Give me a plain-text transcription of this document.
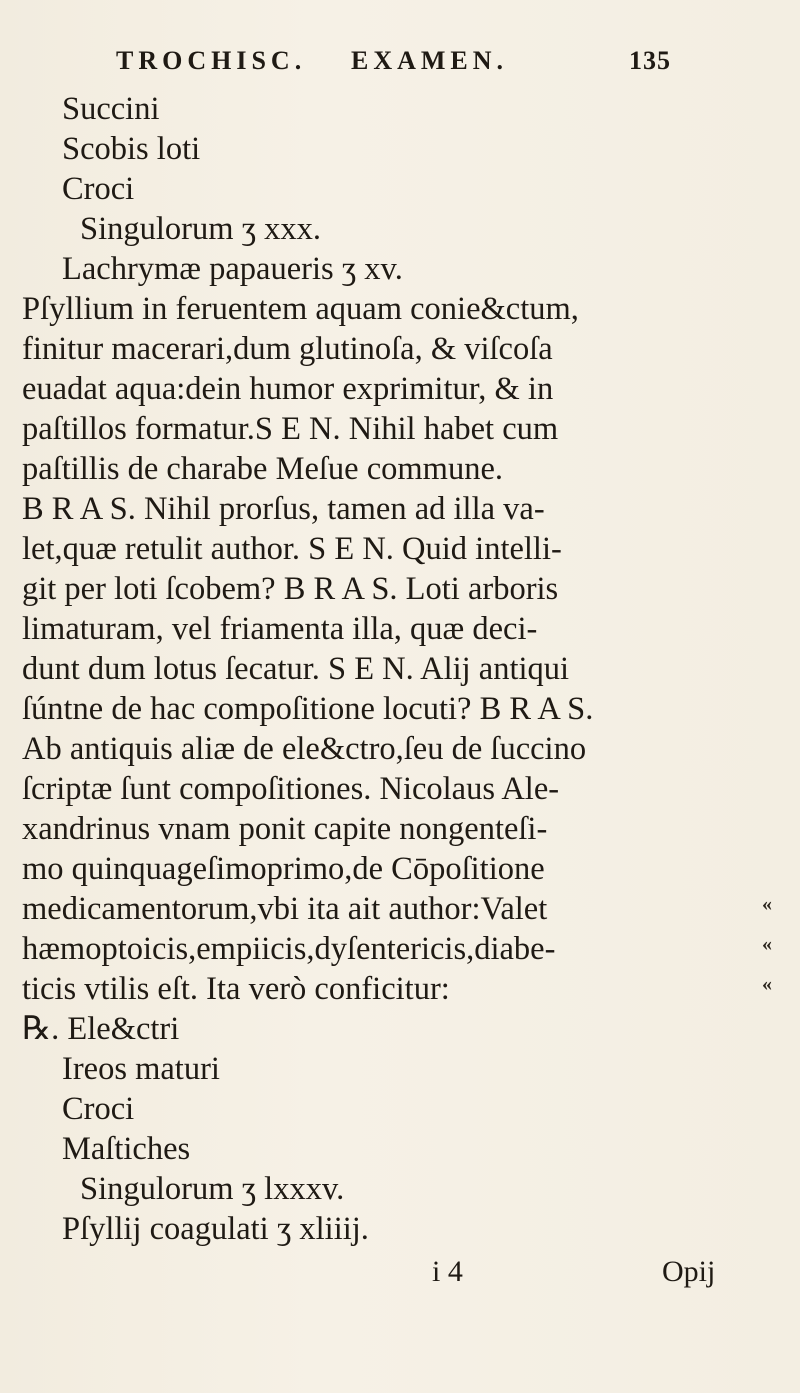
TROCHISC. EXAMEN.	135
Succini
Scobis loti
Croci
Singulorum ʒ xxx.
Lachrymæ papaueris ʒ xv.
Pſyllium in feruentem aquam conie&ctum,
finitur macerari,dum glutinoſa, & viſcoſa
euadat aqua:dein humor exprimitur, & in
paſtillos formatur.S E N. Nihil habet cum
paſtillis de charabe Meſue commune.
B R A S. Nihil prorſus, tamen ad illa va-
let,quæ retulit author. S E N. Quid intelli-
git per loti ſcobem? B R A S. Loti arboris
limaturam, vel friamenta illa, quæ deci-
dunt dum lotus ſecatur. S E N. Alij antiqui
ſúntne de hac compoſitione locuti? B R A S.
Ab antiquis aliæ de ele&ctro,ſeu de ſuccino
ſcriptæ ſunt compoſitiones. Nicolaus Ale-
xandrinus vnam ponit capite nongenteſi-
mo quinquageſimoprimo,de Cōpoſitione
medicamentorum,vbi ita ait author:Valet
hæmoptoicis,empiicis,dyſentericis,diabe-
ticis vtilis eſt. Ita verò conficitur:
«
«
«
℞. Ele&ctri
Ireos maturi
Croci
Maſtiches
Singulorum ʒ lxxxv.
Pſyllij coagulati ʒ xliiij.
i 4	Opij
